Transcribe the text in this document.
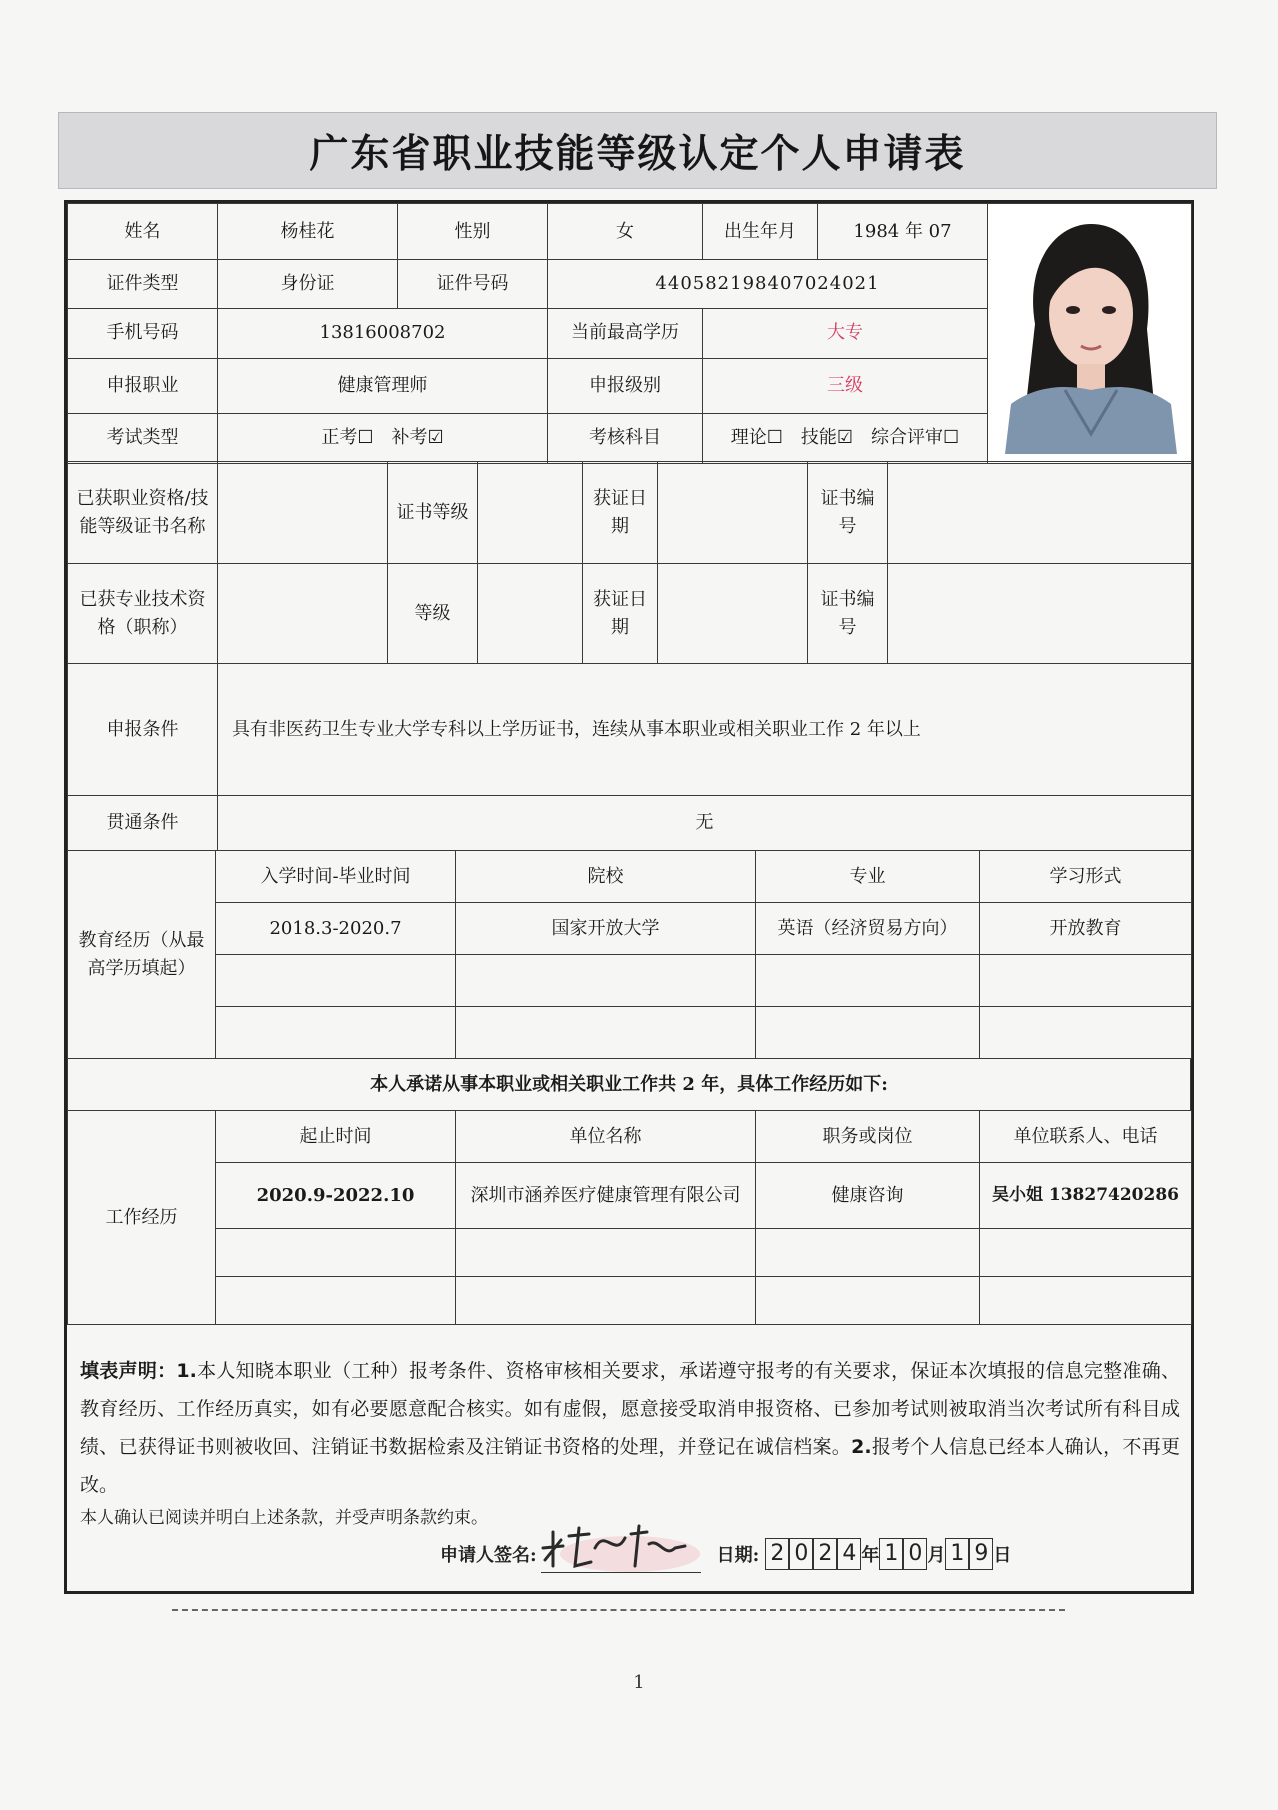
广东省职业技能等级认定个人申请表
姓名	杨桂花	性别	女	出生年月	1984 年 07	
证件类型	身份证	证件号码	440582198407024021			
手机号码	13816008702		当前最高学历	大专		
申报职业	健康管理师		申报级别	三级		
考试类型	正考☐　补考☑		考核科目	理论☐　技能☑　综合评审☐		
已获职业资格/技能等级证书名称		证书等级		获证日期		证书编号	
已获专业技术资格（职称）		等级		获证日期		证书编号	
申报条件	具有非医药卫生专业大学专科以上学历证书，连续从事本职业或相关职业工作 2 年以上
贯通条件	无
教育经历（从最高学历填起）	入学时间-毕业时间	院校	专业	学习形式
	2018.3-2020.7	国家开放大学	英语（经济贸易方向）	开放教育

本人承诺从事本职业或相关职业工作共 2 年，具体工作经历如下:
工作经历	起止时间	单位名称	职务或岗位	单位联系人、电话
	2020.9-2022.10	深圳市涵养医疗健康管理有限公司	健康咨询	吴小姐 13827420286

填表声明：1.本人知晓本职业（工种）报考条件、资格审核相关要求，承诺遵守报考的有关要求，保证本次填报的信息完整准确、教育经历、工作经历真实，如有必要愿意配合核实。如有虚假，愿意接受取消申报资格、已参加考试则被取消当次考试所有科目成绩、已获得证书则被收回、注销证书数据检索及注销证书资格的处理，并登记在诚信档案。2.报考个人信息已经本人确认，不再更改。
本人确认已阅读并明白上述条款，并受声明条款约束。
申请人签名:	日期: 2 0 2 4 年 1 0 月 1 9 日
1
